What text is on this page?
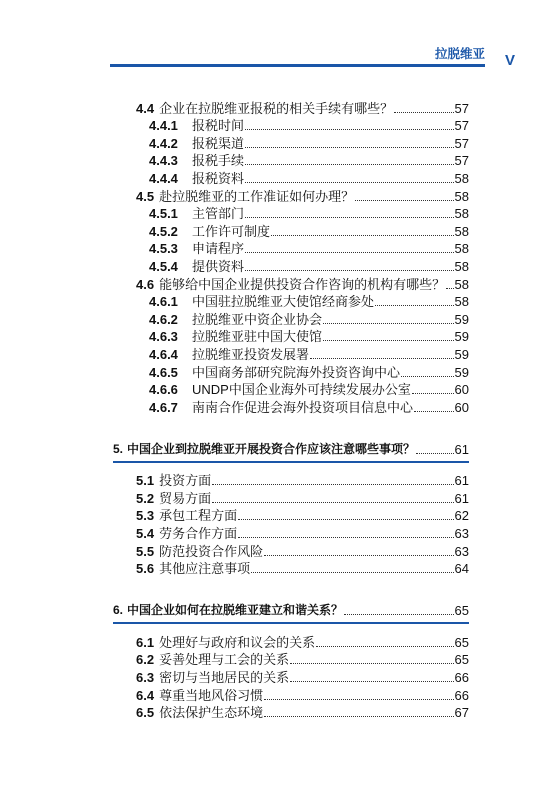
拉脱维亚 V
4.4 企业在拉脱维亚报税的相关手续有哪些？	57
4.4.1	报税时间	57
4.4.2	报税渠道	57
4.4.3	报税手续	57
4.4.4	报税资料	58
4.5 赴拉脱维亚的工作准证如何办理？	58
4.5.1	主管部门	58
4.5.2	工作许可制度	58
4.5.3	申请程序	58
4.5.4	提供资料	58
4.6 能够给中国企业提供投资合作咨询的机构有哪些？ 58
4.6.1	中国驻拉脱维亚大使馆经商参处	58
4.6.2	拉脱维亚中资企业协会	59
4.6.3	拉脱维亚驻中国大使馆	59
4.6.4	拉脱维亚投资发展署	59
4.6.5	中国商务部研究院海外投资咨询中心	59
4.6.6	UNDP中国企业海外可持续发展办公室	60
4.6.7	南南合作促进会海外投资项目信息中心	60
5. 中国企业到拉脱维亚开展投资合作应该注意哪些事项？	61
5.1 投资方面	61
5.2 贸易方面	61
5.3 承包工程方面	62
5.4 劳务合作方面	63
5.5 防范投资合作风险	63
5.6 其他应注意事项	64
6. 中国企业如何在拉脱维亚建立和谐关系？	65
6.1 处理好与政府和议会的关系	65
6.2 妥善处理与工会的关系	65
6.3 密切与当地居民的关系	66
6.4 尊重当地风俗习惯	66
6.5 依法保护生态环境	67
